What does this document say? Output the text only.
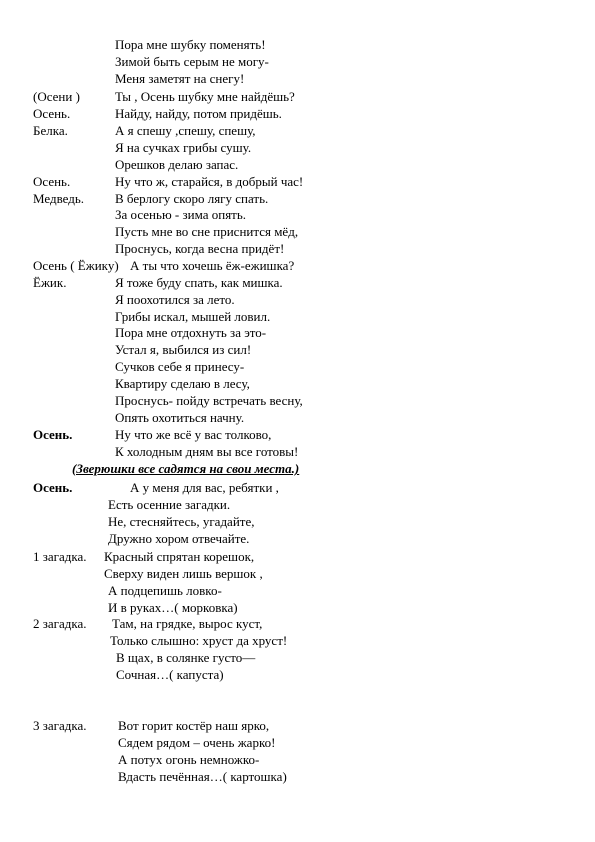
(Осени )
Осень.
Белка.
Осень.
Медведь.
Осень ( Ёжику)
Ёжик.
Осень.
Осень.
1 загадка.
2 загадка.
3 загадка.
Пора мне шубку поменять!
Зимой быть серым не могу-
Меня заметят на снегу!
Ты , Осень шубку мне найдёшь?
Найду, найду, потом придёшь.
А я спешу ,спешу, спешу,
Я на сучках грибы сушу.
Орешков делаю запас.
Ну что ж, старайся, в добрый час!
В берлогу скоро лягу спать.
За осенью - зима опять.
Пусть мне во сне приснится мёд,
Проснусь, когда весна придёт!
А ты что хочешь ёж-ежишка?
Я тоже буду спать, как мишка.
Я поохотился за лето.
Грибы искал, мышей ловил.
Пора мне отдохнуть за это-
Устал я, выбился из сил!
Сучков себе я принесу-
Квартиру сделаю в лесу,
Проснусь- пойду встречать весну,
Опять охотиться начну.
Ну что же всё у вас толково,
К холодным дням вы все готовы!
(Зверюшки все садятся на свои места.)
А у меня для вас, ребятки ,
Есть осенние загадки.
Не, стесняйтесь, угадайте,
Дружно хором отвечайте.
Красный спрятан корешок,
Сверху виден лишь вершок ,
А подцепишь ловко-
И в руках…( морковка)
Там, на грядке, вырос куст,
Только слышно: хруст да хруст!
В щах, в солянке густо—
Сочная…( капуста)
Вот горит костёр наш ярко,
Сядем рядом – очень жарко!
А потух огонь немножко-
Вдасть печённая…( картошка)
